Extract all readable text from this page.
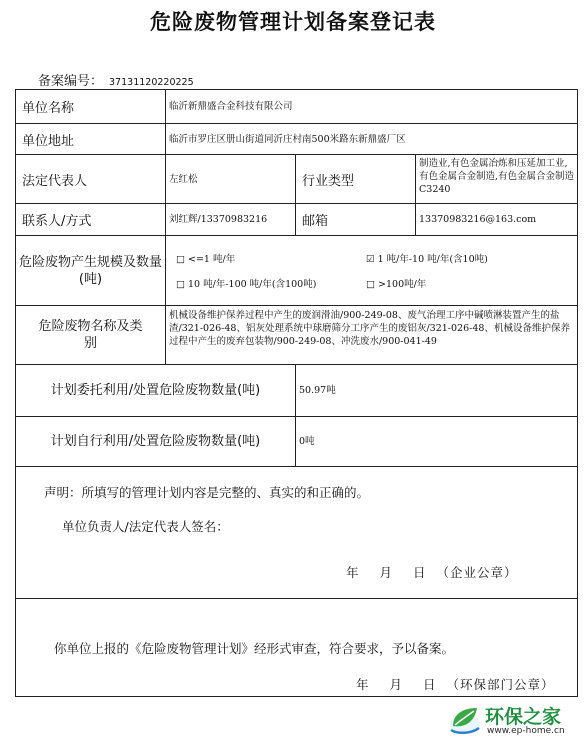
危险废物管理计划备案登记表
备案编号： 37131120220225
单位名称	临沂新鼎盛合金科技有限公司		
单位地址	临沂市罗庄区册山街道同沂庄村南500米路东新鼎盛厂区		
法定代表人	左红松	行业类型	制造业,有色金属冶炼和压延加工业,有色金属合金制造,有色金属合金制造 C3240
联系人/方式	刘红辉/13370983216	邮箱	13370983216@163.com
危险废物产生规模及数量(吨)	□ <=1 吨/年 ☑ 1 吨/年-10 吨/年(含10吨)
□ 10 吨/年-100 吨/年(含100吨) □ >100吨/年		

危险废物名称及类别	机械设备维护保养过程中产生的废润滑油/900-249-08、废气治理工序中碱喷淋装置产生的盐渣/321-026-48、铝灰处理系统中球磨筛分工序产生的废铝灰/321-026-48、机械设备维护保养过程中产生的废弃包装物/900-249-08、冲洗废水/900-041-49		
计划委托利用/处置危险废物数量(吨)		50.97吨	
计划自行利用/处置危险废物数量(吨)		0吨	

声明：所填写的管理计划内容是完整的、真实的和正确的。
单位负责人/法定代表人签名：
年 月 日 （企业公章）			

你单位上报的《危险废物管理计划》经形式审查，符合要求，予以备案。
年 月 日 （环保部门公章）			
环保之家
www.ep-home.cn
